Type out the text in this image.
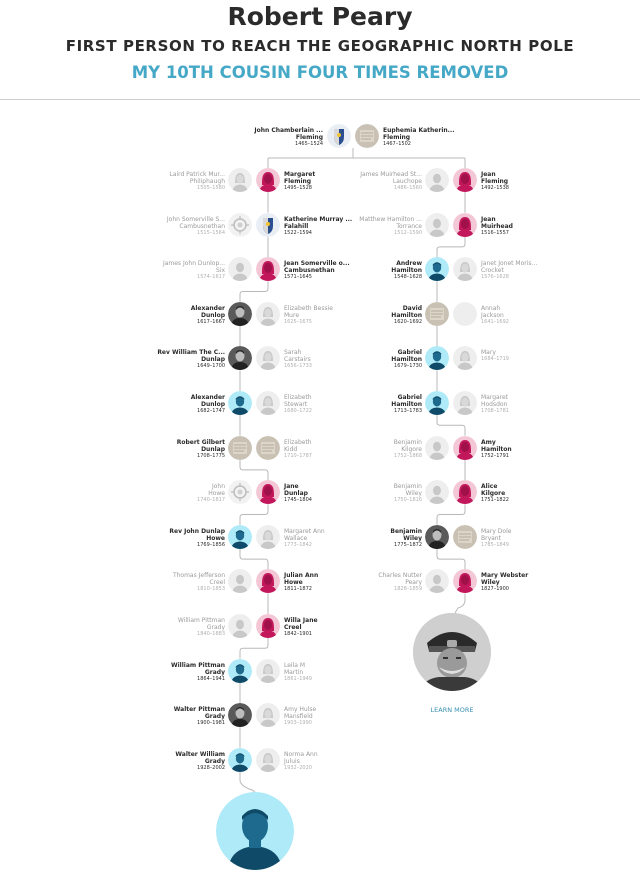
Robert Peary
FIRST PERSON TO REACH THE GEOGRAPHIC NORTH POLE
MY 10TH COUSIN FOUR TIMES REMOVED
John Chamberlain ...
Fleming
1465–1524
Euphemia Katherin...
Fleming
1467–1502
Laird Patrick Mur...
Philiphaugh
1505–1580
Margaret
Fleming
1495–1528
John Somerville S...
Cambusnethan
1515–1564
Katherine Murray ...
Falahill
1522–1594
James John Dunlop...
Six
1574–1617
Jean Somerville o...
Cambusnethan
1571–1645
Alexander
Dunlop
1617–1667
Elizabeth Bessie
Mure
1625–1675
Rev William The C...
Dunlap
1649–1700
Sarah
Carstairs
1656–1733
Alexander
Dunlop
1682–1747
Elizabeth
Stewart
1680–1722
Robert Gilbert
Dunlap
1708–1775
Elizabeth
Kidd
1710–1787
John
Howe
1740–1817
Jane
Dunlap
1745–1804
Rev John Dunlap
Howe
1769–1856
Margaret Ann
Wallace
1773–1842
Thomas Jefferson
Creel
1810–1853
Julian Ann
Howe
1811–1872
William Pittman
Grady
1840–1883
Willa Jane
Creel
1842–1901
William Pittman
Grady
1864–1941
Leila M
Martin
1861–1949
Walter Pittman
Grady
1900–1981
Amy Hulse
Mansfield
1903–1990
Walter William
Grady
1928–2002
Norma Ann
Juluis
1932–2020
James Muirhead St...
Lauchope
1486–1560
Jean
Fleming
1492–1538
Matthew Hamilton ...
Torrance
1512–1590
Jean
Muirhead
1516–1557
Andrew
Hamilton
1548–1628
Janet Jonet Moris...
Crocket
1576–1628
David
Hamilton
1620–1692
Annah
Jackson
1641–1692
Gabriel
Hamilton
1679–1730
Mary
1684–1719
Gabriel
Hamilton
1713–1783
Margaret
Hodsdon
1708–1781
Benjamin
Kilgore
1752–1868
Amy
Hamilton
1752–1791
Benjamin
Wiley
1750–1816
Alice
Kilgore
1751–1822
Benjamin
Wiley
1775–1872
Mary Dole
Bryant
1785–1849
Charles Nutter
Peary
1828–1859
Mary Webster
Wiley
1827–1900
LEARN MORE
